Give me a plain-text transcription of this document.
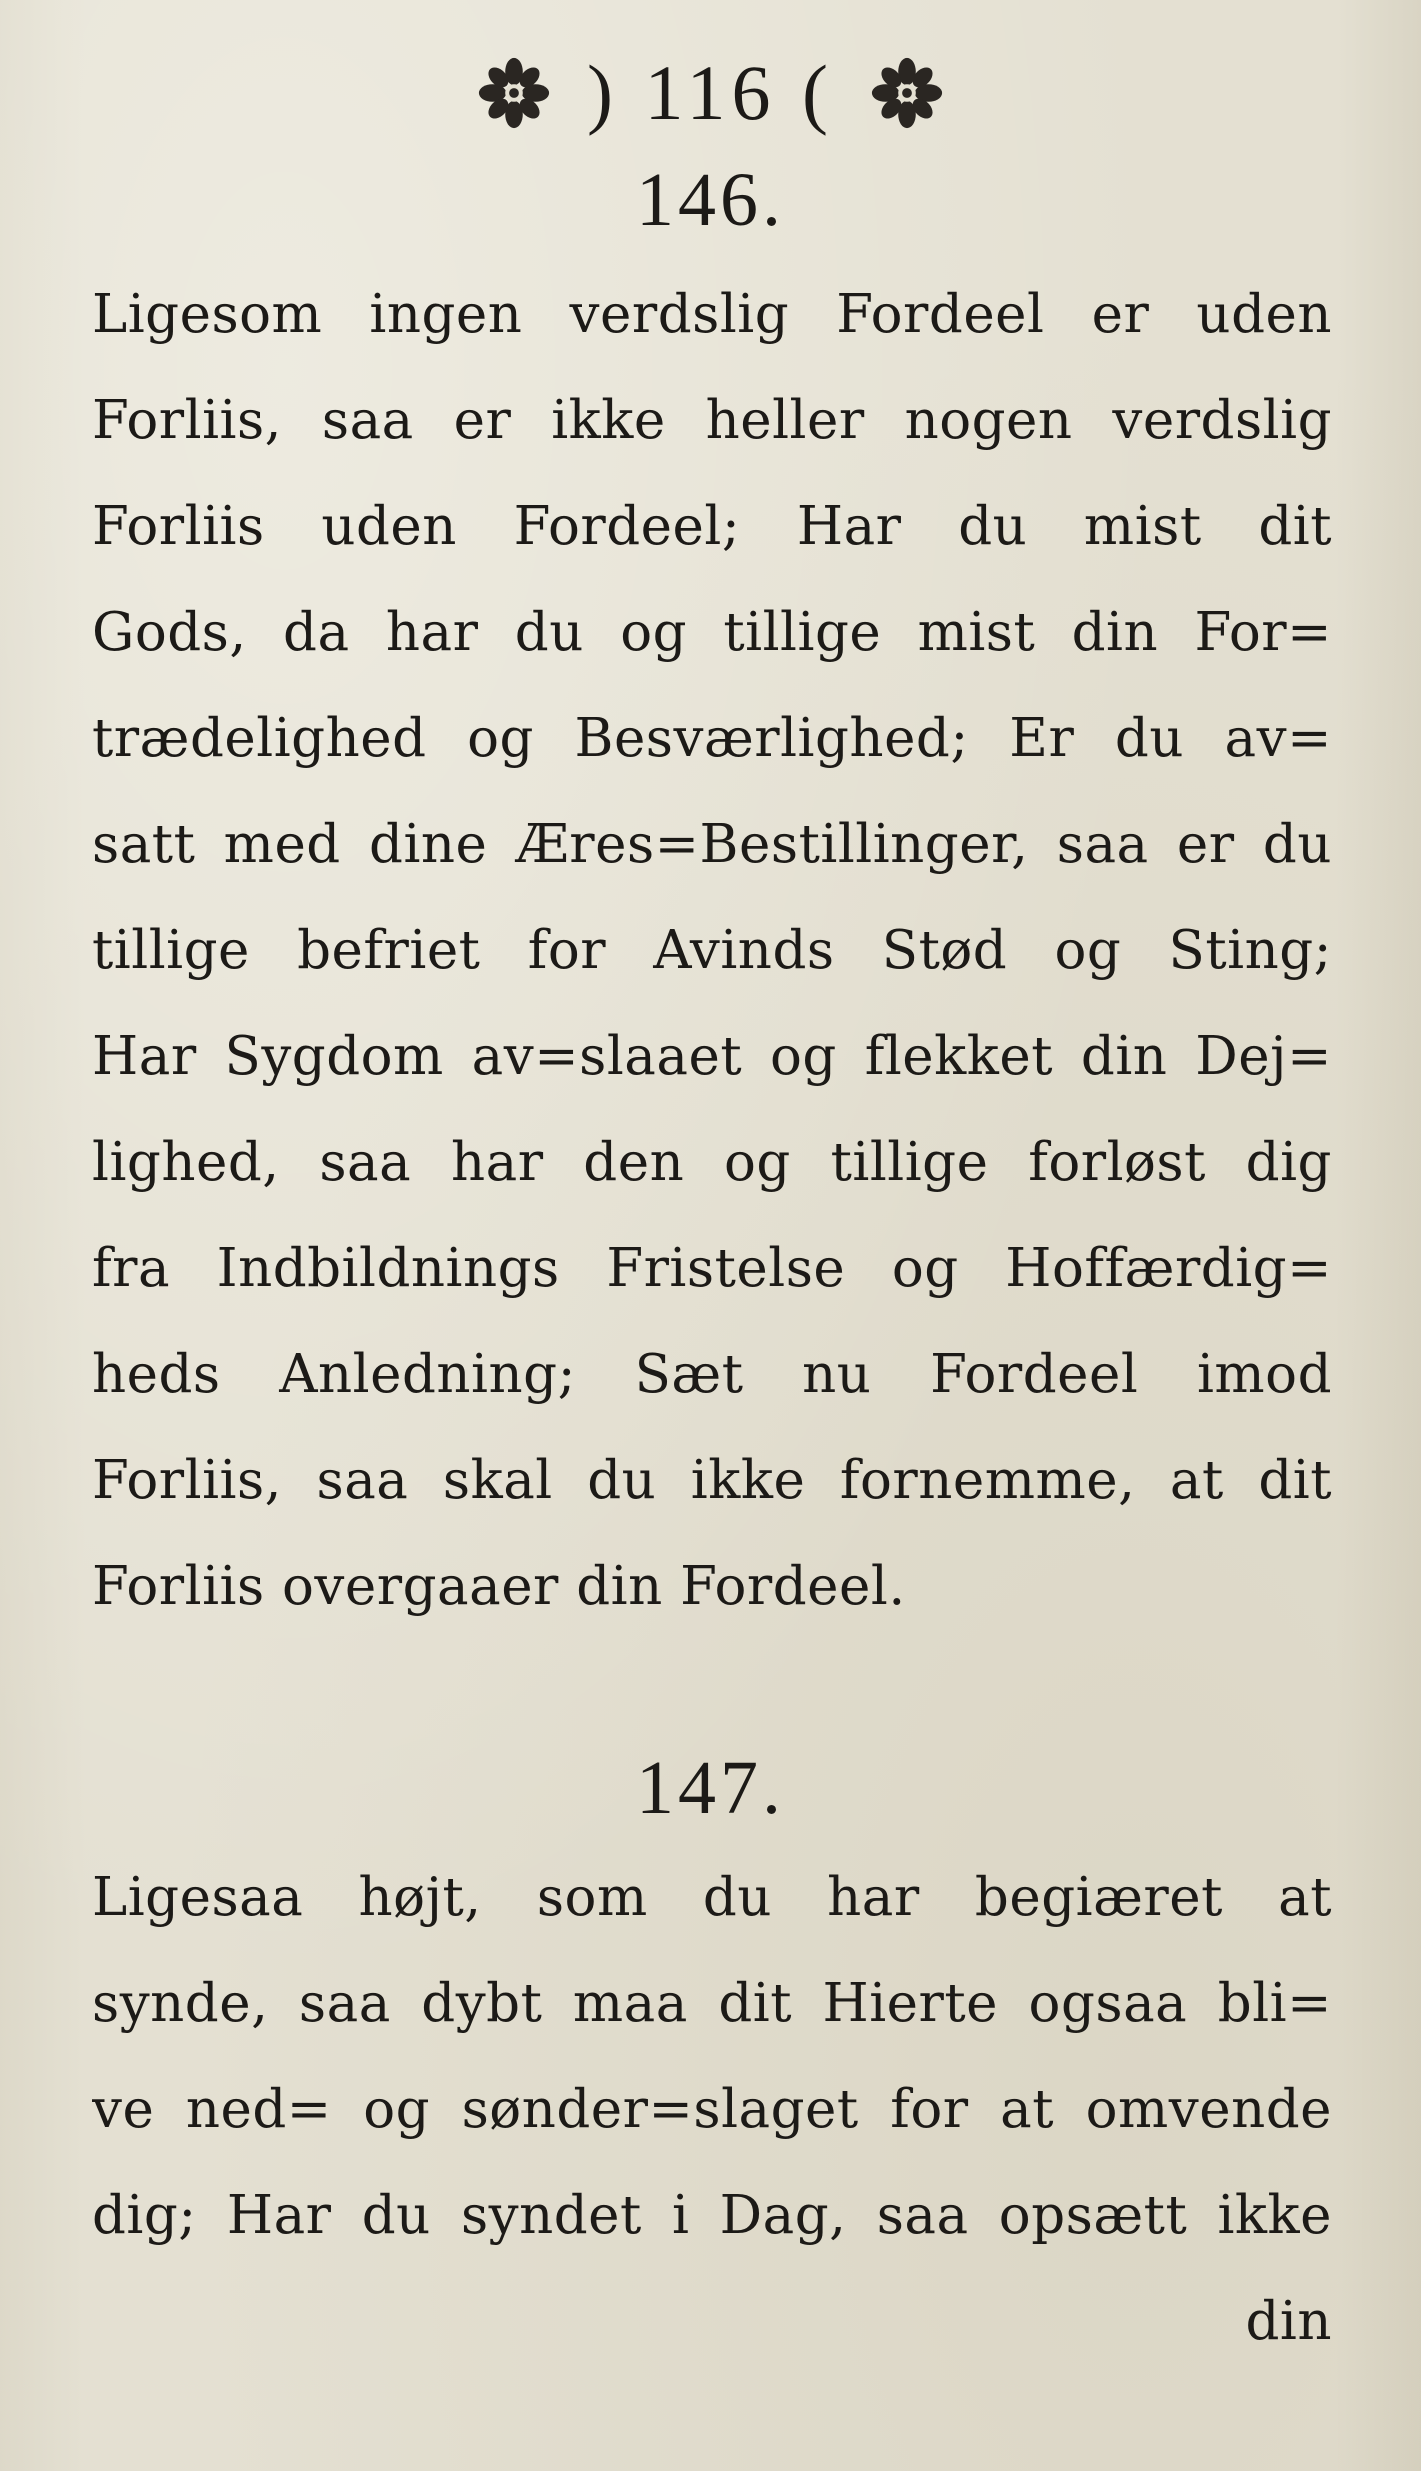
) 116 (
146.
Ligesom ingen verdslig Fordeel er uden
Forliis, saa er ikke heller nogen verdslig
Forliis uden Fordeel; Har du mist dit
Gods, da har du og tillige mist din For=
trædelighed og Besværlighed; Er du av=
satt med dine Æres=Bestillinger, saa er du
tillige befriet for Avinds Stød og Sting;
Har Sygdom av=slaaet og flekket din Dej=
lighed, saa har den og tillige forløst dig
fra Indbildnings Fristelse og Hoffærdig=
heds Anledning; Sæt nu Fordeel imod
Forliis, saa skal du ikke fornemme, at dit
Forliis overgaaer din Fordeel.
147.
Ligesaa højt, som du har begiæret at
synde, saa dybt maa dit Hierte ogsaa bli=
ve ned= og sønder=slaget for at omvende
dig; Har du syndet i Dag, saa opsætt ikke
din
